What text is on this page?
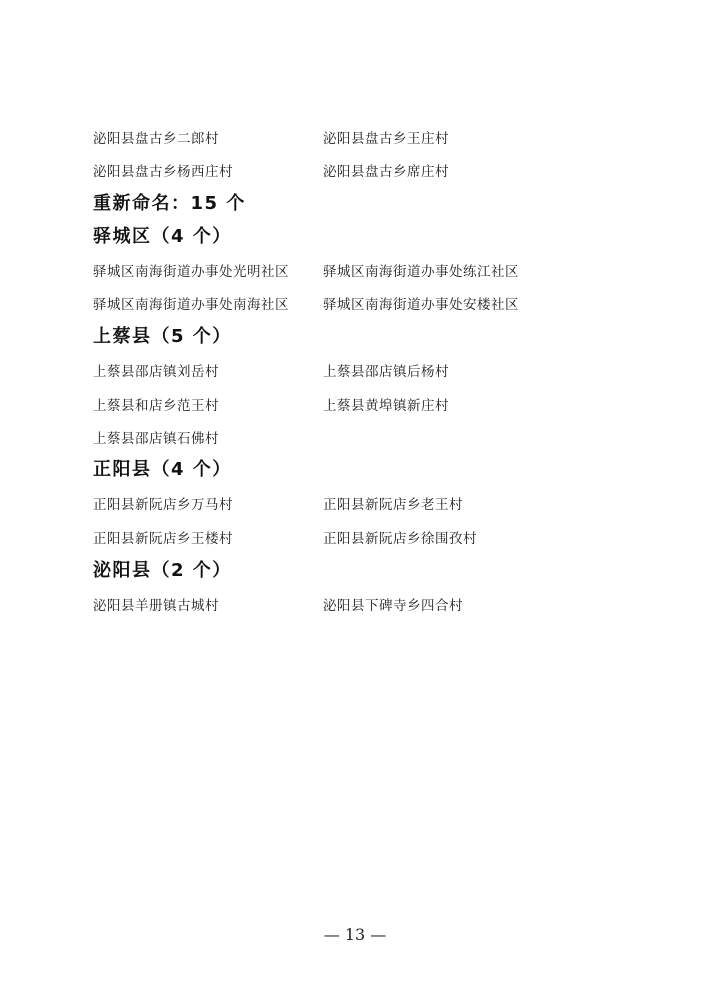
泌阳县盘古乡二郎村	泌阳县盘古乡王庄村
泌阳县盘古乡杨西庄村	泌阳县盘古乡席庄村
重新命名：15 个
驿城区（4 个）
驿城区南海街道办事处光明社区	驿城区南海街道办事处练江社区
驿城区南海街道办事处南海社区	驿城区南海街道办事处安楼社区
上蔡县（5 个）
上蔡县邵店镇刘岳村	上蔡县邵店镇后杨村
上蔡县和店乡范王村	上蔡县黄埠镇新庄村
上蔡县邵店镇石佛村
正阳县（4 个）
正阳县新阮店乡万马村	正阳县新阮店乡老王村
正阳县新阮店乡王楼村	正阳县新阮店乡徐围孜村
泌阳县（2 个）
泌阳县羊册镇古城村	泌阳县下碑寺乡四合村
— 13 —
